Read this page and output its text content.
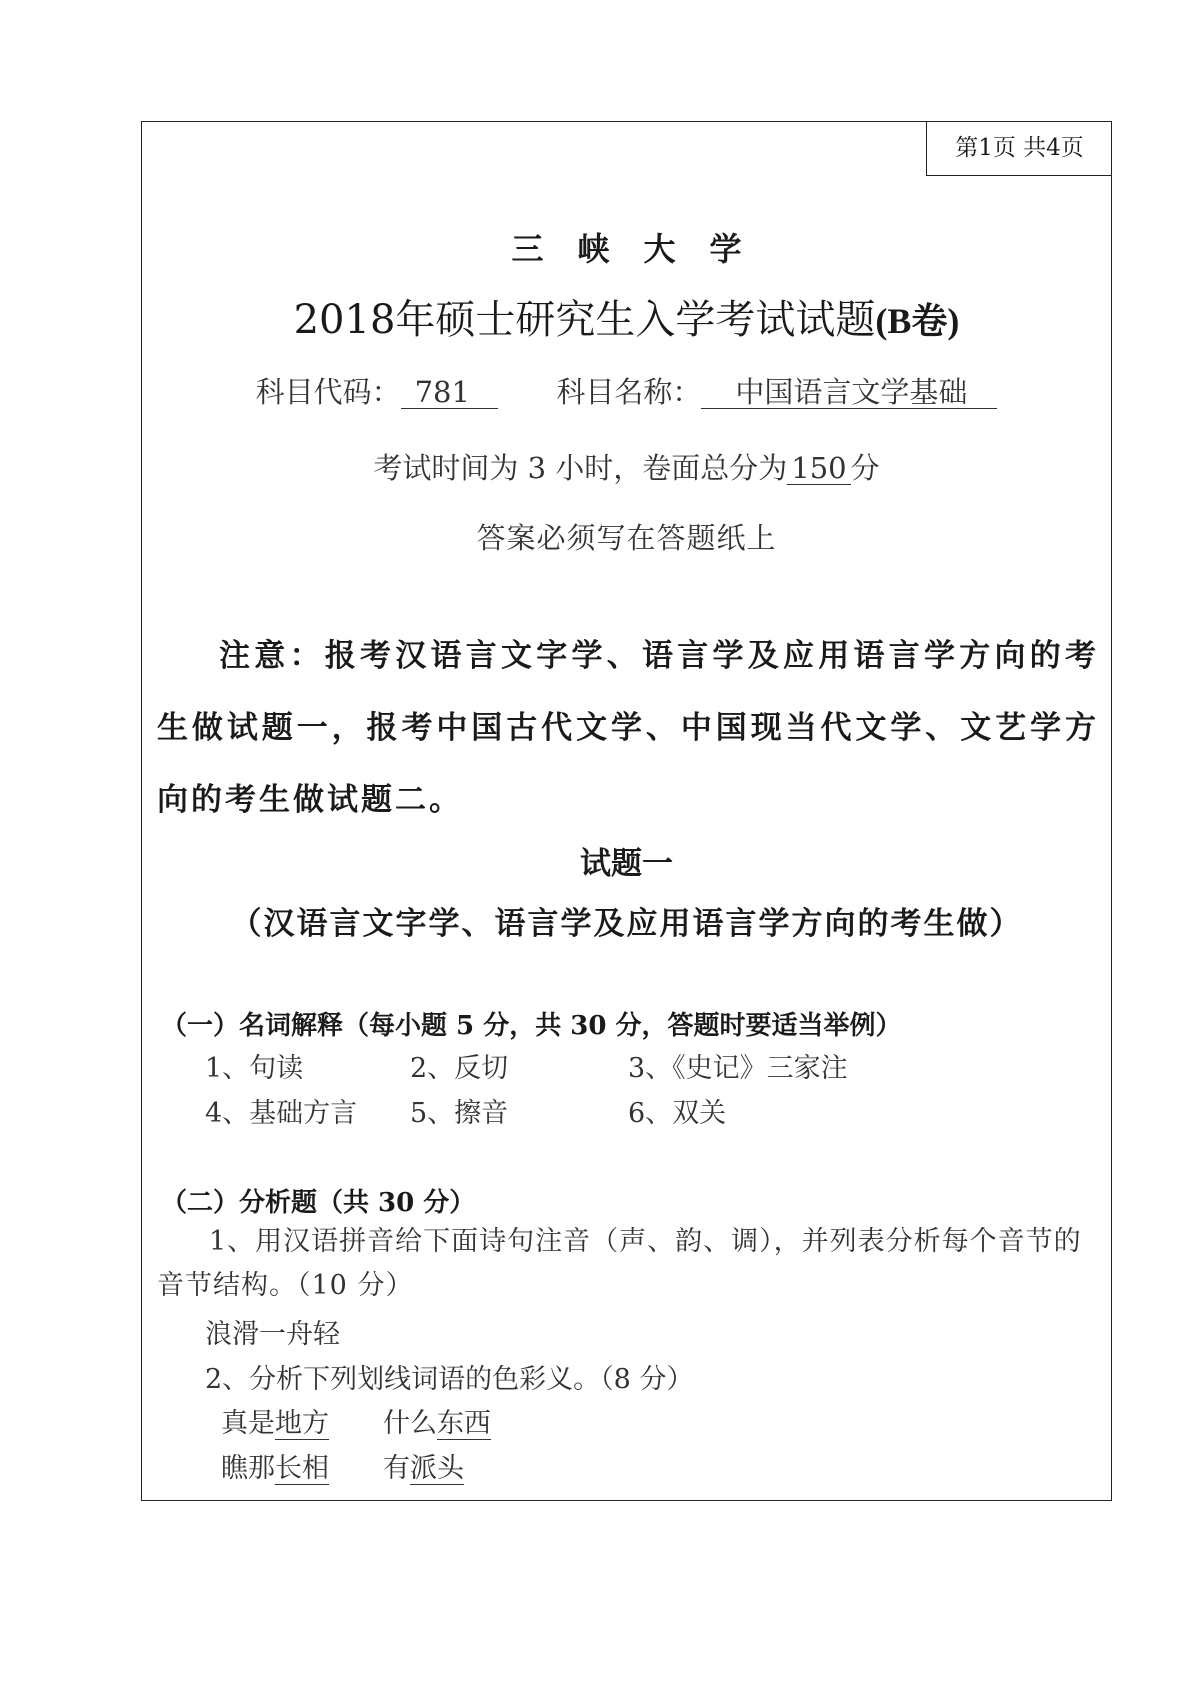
第1页 共4页
三峡大学
2018年硕士研究生入学考试试题(B卷)
科目代码： 781	科目名称： 中国语言文学基础
考试时间为 3 小时，卷面总分为 150 分
答案必须写在答题纸上
注意：报考汉语言文字学、语言学及应用语言学方向的考生做试题一，报考中国古代文学、中国现当代文学、文艺学方向的考生做试题二。
试题一
（汉语言文字学、语言学及应用语言学方向的考生做）
（一）名词解释（每小题 5 分，共 30 分，答题时要适当举例）
1、句读	2、反切	3、《史记》三家注
4、基础方言 5、擦音	6、双关
（二）分析题（共 30 分）
1、用汉语拼音给下面诗句注音（声、韵、调），并列表分析每个音节的音节结构。（10 分）
浪滑一舟轻
2、分析下列划线词语的色彩义。（8 分）
真是地方 什么东西
瞧那长相 有派头
